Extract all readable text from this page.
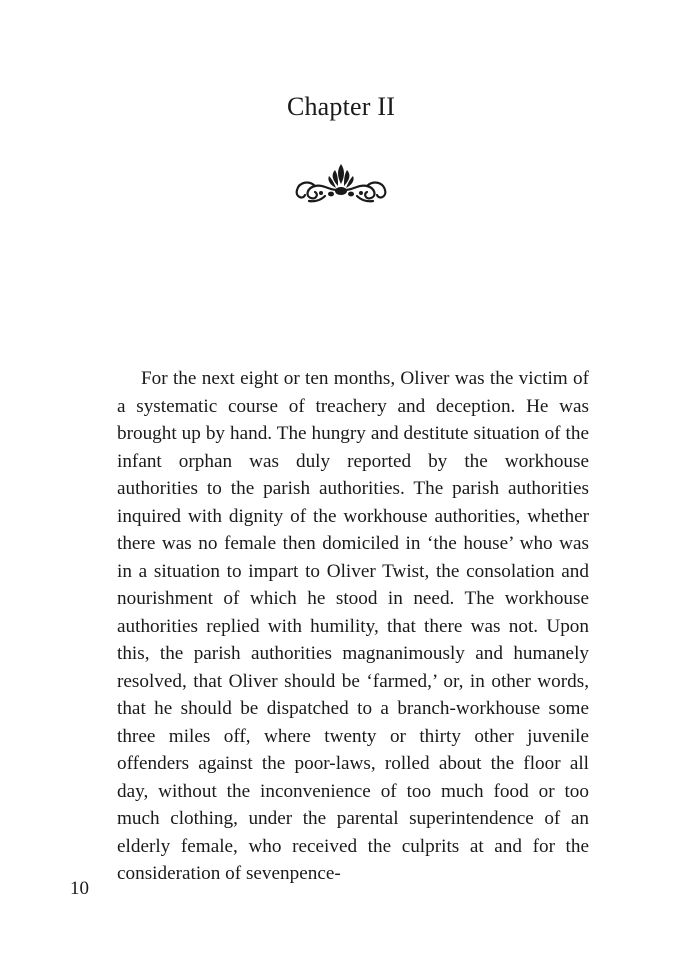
Chapter II

For the next eight or ten months, Oliver was the victim of a systematic course of treachery and deception. He was brought up by hand. The hungry and destitute situation of the infant orphan was duly reported by the workhouse authorities to the parish authorities. The parish authorities inquired with dignity of the workhouse authorities, whether there was no female then domiciled in ‘the house’ who was in a situation to impart to Oliver Twist, the consolation and nourishment of which he stood in need. The workhouse authorities replied with humility, that there was not. Upon this, the parish authorities magnanimously and humanely resolved, that Oliver should be ‘farmed,’ or, in other words, that he should be dispatched to a branch-workhouse some three miles off, where twenty or thirty other juvenile offenders against the poor-laws, rolled about the floor all day, without the inconvenience of too much food or too much clothing, under the parental superintendence of an elderly female, who received the culprits at and for the consideration of sevenpence-

10
